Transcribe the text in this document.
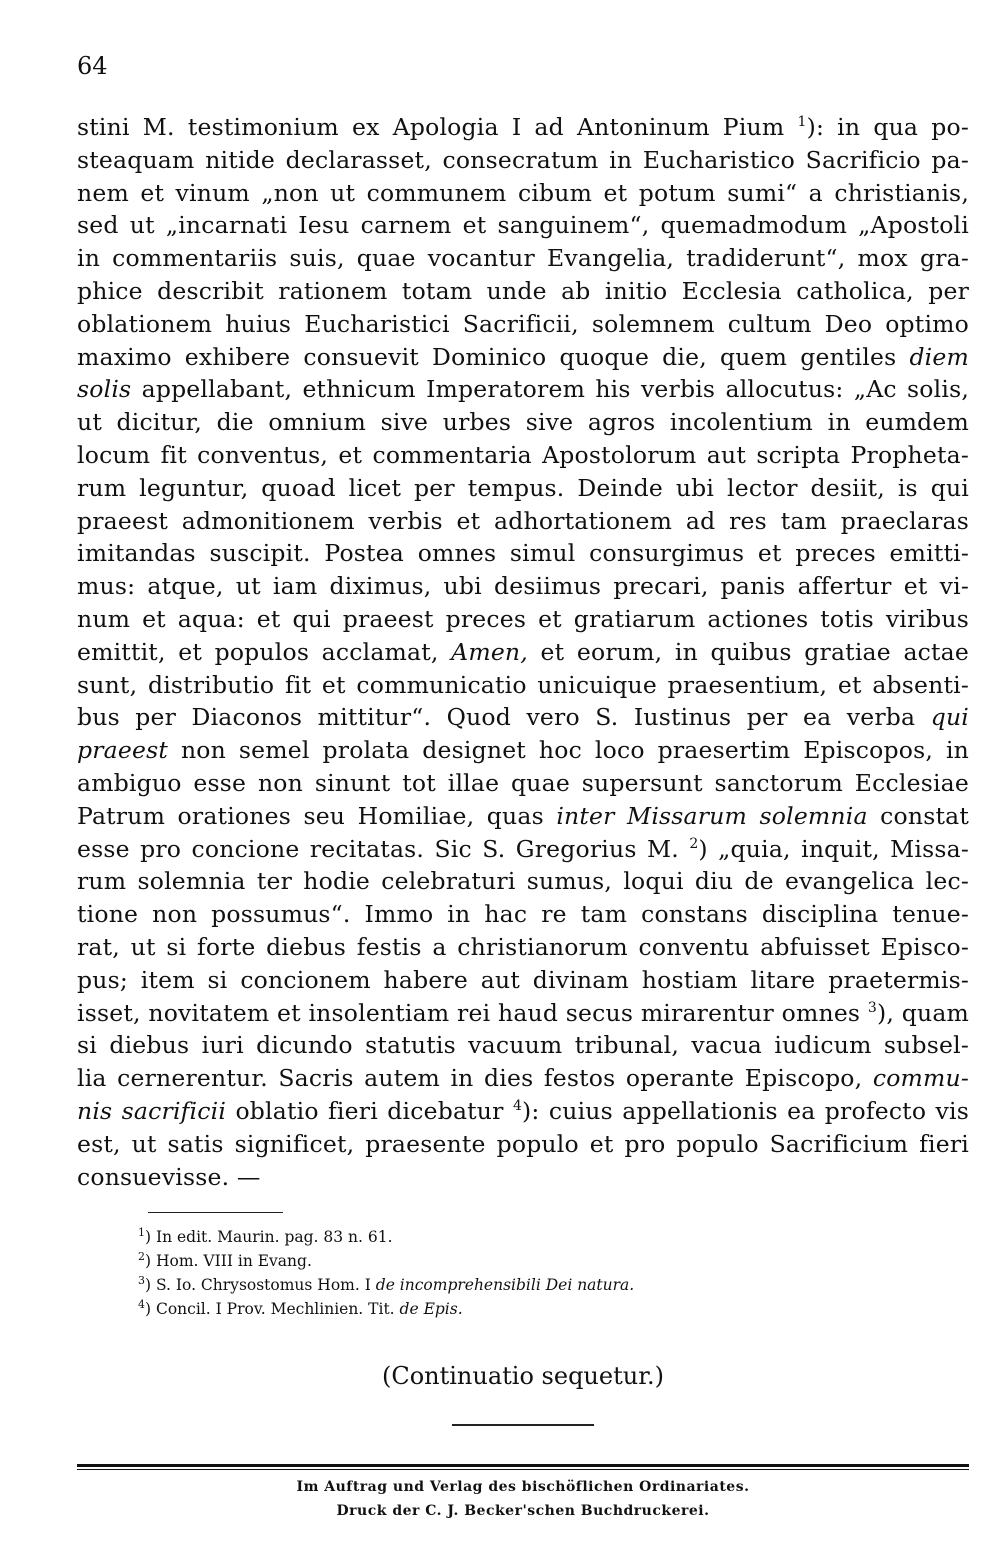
64
stini M. testimonium ex Apologia I ad Antoninum Pium $^1$): in qua po-
steaquam nitide declarasset, consecratum in Eucharistico Sacrificio pa-
nem et vinum „non ut communem cibum et potum sumi“ a christianis,
sed ut „incarnati Iesu carnem et sanguinem“, quemadmodum „Apostoli
in commentariis suis, quae vocantur Evangelia, tradiderunt“, mox gra-
phice describit rationem totam unde ab initio Ecclesia catholica, per
oblationem huius Eucharistici Sacrificii, solemnem cultum Deo optimo
maximo exhibere consuevit Dominico quoque die, quem gentiles diem
solis appellabant, ethnicum Imperatorem his verbis allocutus: „Ac solis,
ut dicitur, die omnium sive urbes sive agros incolentium in eumdem
locum fit conventus, et commentaria Apostolorum aut scripta Propheta-
rum leguntur, quoad licet per tempus. Deinde ubi lector desiit, is qui
praeest admonitionem verbis et adhortationem ad res tam praeclaras
imitandas suscipit. Postea omnes simul consurgimus et preces emitti-
mus: atque, ut iam diximus, ubi desiimus precari, panis affertur et vi-
num et aqua: et qui praeest preces et gratiarum actiones totis viribus
emittit, et populos acclamat, Amen, et eorum, in quibus gratiae actae
sunt, distributio fit et communicatio unicuique praesentium, et absenti-
bus per Diaconos mittitur“. Quod vero S. Iustinus per ea verba qui
praeest non semel prolata designet hoc loco praesertim Episcopos, in
ambiguo esse non sinunt tot illae quae supersunt sanctorum Ecclesiae
Patrum orationes seu Homiliae, quas inter Missarum solemnia constat
esse pro concione recitatas. Sic S. Gregorius M. $^2$) „quia, inquit, Missa-
rum solemnia ter hodie celebraturi sumus, loqui diu de evangelica lec-
tione non possumus“. Immo in hac re tam constans disciplina tenue-
rat, ut si forte diebus festis a christianorum conventu abfuisset Episco-
pus; item si concionem habere aut divinam hostiam litare praetermis-
isset, novitatem et insolentiam rei haud secus mirarentur omnes $^3$), quam
si diebus iuri dicundo statutis vacuum tribunal, vacua iudicum subsel-
lia cernerentur. Sacris autem in dies festos operante Episcopo, commu-
nis sacrificii oblatio fieri dicebatur $^4$): cuius appellationis ea profecto vis
est, ut satis significet, praesente populo et pro populo Sacrificium fieri
consuevisse. —
$^1$) In edit. Maurin. pag. 83 n. 61.
$^2$) Hom. VIII in Evang.
$^3$) S. Io. Chrysostomus Hom. I de incomprehensibili Dei natura.
$^4$) Concil. I Prov. Mechlinien. Tit. de Epis.
(Continuatio sequetur.)
Im Auftrag und Verlag des bischöflichen Ordinariates.
Druck der C. J. Becker'schen Buchdruckerei.
